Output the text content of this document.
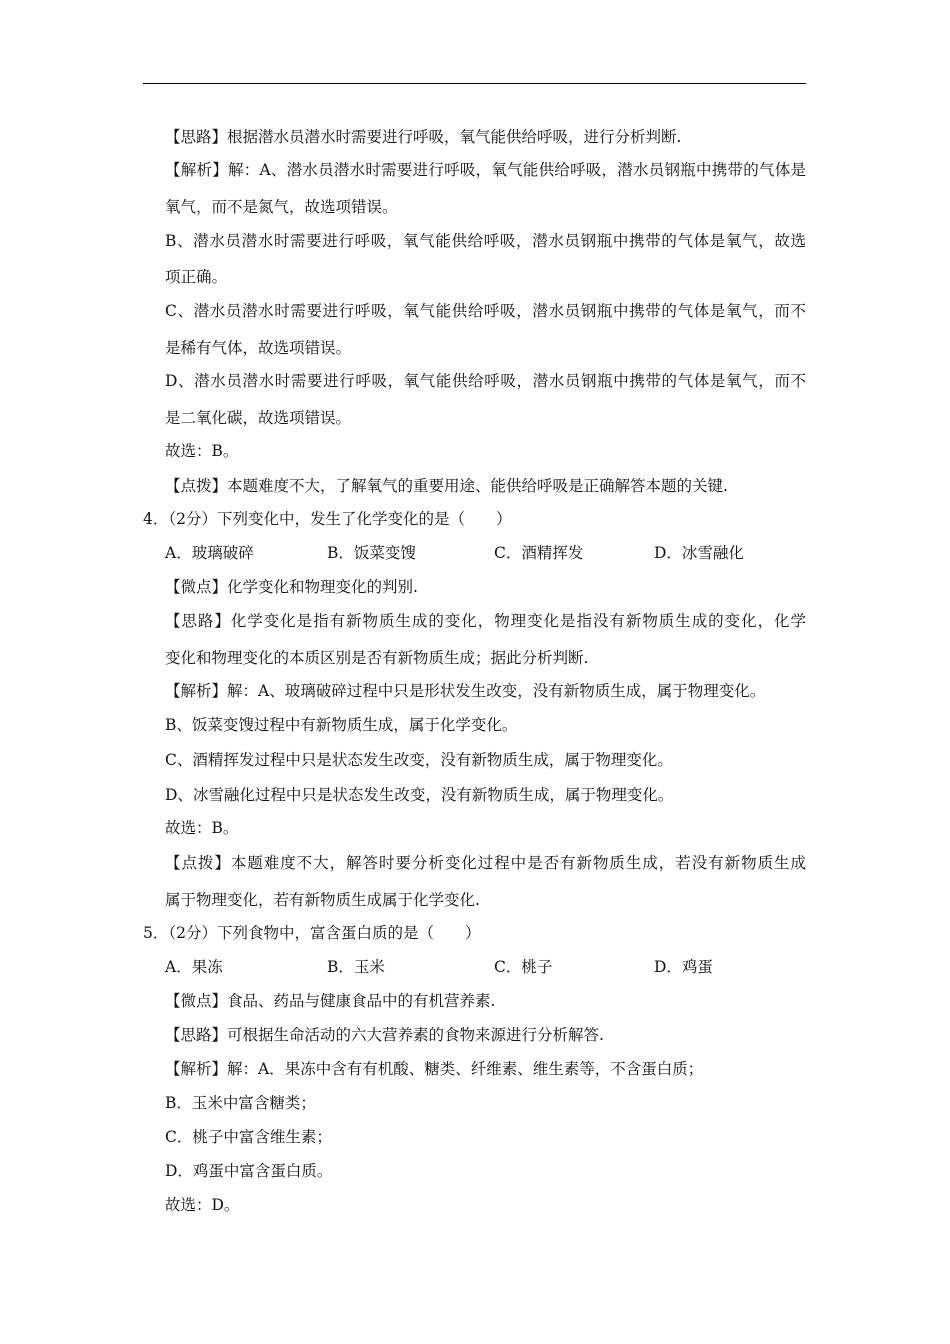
【思路】根据潜水员潜水时需要进行呼吸，氧气能供给呼吸，进行分析判断.
【解析】解：A、潜水员潜水时需要进行呼吸，氧气能供给呼吸，潜水员钢瓶中携带的气体是
氧气，而不是氮气，故选项错误。
B、潜水员潜水时需要进行呼吸，氧气能供给呼吸，潜水员钢瓶中携带的气体是氧气，故选
项正确。
C、潜水员潜水时需要进行呼吸，氧气能供给呼吸，潜水员钢瓶中携带的气体是氧气，而不
是稀有气体，故选项错误。
D、潜水员潜水时需要进行呼吸，氧气能供给呼吸，潜水员钢瓶中携带的气体是氧气，而不
是二氧化碳，故选项错误。
故选：B。
【点拨】本题难度不大，了解氧气的重要用途、能供给呼吸是正确解答本题的关键.
4．（2分）下列变化中，发生了化学变化的是（　　）
A．玻璃破碎	B．饭菜变馊	C．酒精挥发	D．冰雪融化
【微点】化学变化和物理变化的判别.
【思路】化学变化是指有新物质生成的变化，物理变化是指没有新物质生成的变化，化学
变化和物理变化的本质区别是否有新物质生成；据此分析判断.
【解析】解：A、玻璃破碎过程中只是形状发生改变，没有新物质生成，属于物理变化。
B、饭菜变馊过程中有新物质生成，属于化学变化。
C、酒精挥发过程中只是状态发生改变，没有新物质生成，属于物理变化。
D、冰雪融化过程中只是状态发生改变，没有新物质生成，属于物理变化。
故选：B。
【点拨】本题难度不大，解答时要分析变化过程中是否有新物质生成，若没有新物质生成
属于物理变化，若有新物质生成属于化学变化.
5．（2分）下列食物中，富含蛋白质的是（　　）
A．果冻	B．玉米	C．桃子	D．鸡蛋
【微点】食品、药品与健康食品中的有机营养素.
【思路】可根据生命活动的六大营养素的食物来源进行分析解答.
【解析】解：A．果冻中含有有机酸、糖类、纤维素、维生素等，不含蛋白质；
B．玉米中富含糖类；
C．桃子中富含维生素；
D．鸡蛋中富含蛋白质。
故选：D。
